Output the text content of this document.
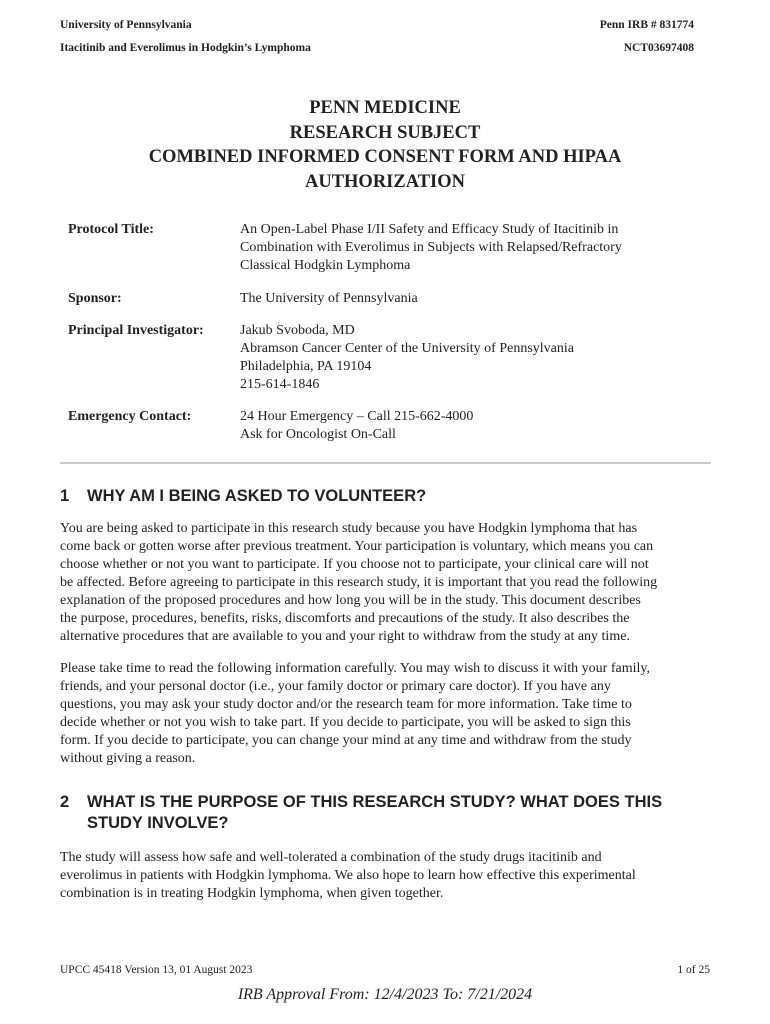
University of Pennsylvania	Penn IRB # 831774
Itacitinib and Everolimus in Hodgkin’s Lymphoma	NCT03697408
PENN MEDICINE
RESEARCH SUBJECT
COMBINED INFORMED CONSENT FORM AND HIPAA
AUTHORIZATION
Protocol Title:	An Open-Label Phase I/II Safety and Efficacy Study of Itacitinib in
Combination with Everolimus in Subjects with Relapsed/Refractory
Classical Hodgkin Lymphoma
Sponsor:	The University of Pennsylvania
Principal Investigator:	Jakub Svoboda, MD
Abramson Cancer Center of the University of Pennsylvania
Philadelphia, PA 19104
215-614-1846
Emergency Contact:	24 Hour Emergency – Call 215-662-4000
Ask for Oncologist On-Call
1 WHY AM I BEING ASKED TO VOLUNTEER?
You are being asked to participate in this research study because you have Hodgkin lymphoma that has
come back or gotten worse after previous treatment. Your participation is voluntary, which means you can
choose whether or not you want to participate. If you choose not to participate, your clinical care will not
be affected. Before agreeing to participate in this research study, it is important that you read the following
explanation of the proposed procedures and how long you will be in the study. This document describes
the purpose, procedures, benefits, risks, discomforts and precautions of the study. It also describes the
alternative procedures that are available to you and your right to withdraw from the study at any time.
Please take time to read the following information carefully. You may wish to discuss it with your family,
friends, and your personal doctor (i.e., your family doctor or primary care doctor). If you have any
questions, you may ask your study doctor and/or the research team for more information. Take time to
decide whether or not you wish to take part. If you decide to participate, you will be asked to sign this
form. If you decide to participate, you can change your mind at any time and withdraw from the study
without giving a reason.
2 WHAT IS THE PURPOSE OF THIS RESEARCH STUDY? WHAT DOES THIS
STUDY INVOLVE?
The study will assess how safe and well-tolerated a combination of the study drugs itacitinib and
everolimus in patients with Hodgkin lymphoma. We also hope to learn how effective this experimental
combination is in treating Hodgkin lymphoma, when given together.
UPCC 45418 Version 13, 01 August 2023	1 of 25
IRB Approval From: 12/4/2023 To: 7/21/2024
